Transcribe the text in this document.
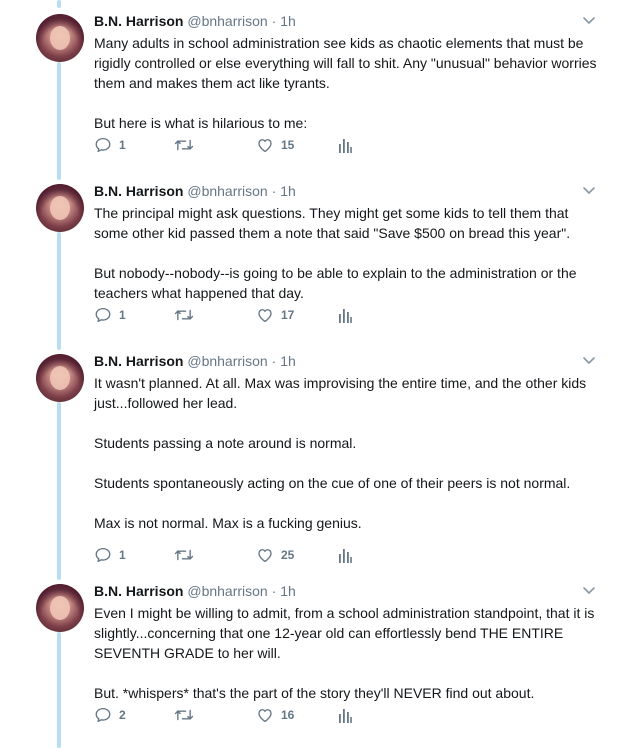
B.N. Harrison @bnharrison · 1h

Many adults in school administration see kids as chaotic elements that must be rigidly controlled or else everything will fall to shit. Any "unusual" behavior worries them and makes them act like tyrants.

But here is what is hilarious to me:

1	15
B.N. Harrison @bnharrison · 1h

The principal might ask questions. They might get some kids to tell them that some other kid passed them a note that said "Save $500 on bread this year".

But nobody--nobody--is going to be able to explain to the administration or the teachers what happened that day.

1	17
B.N. Harrison @bnharrison · 1h

It wasn't planned. At all. Max was improvising the entire time, and the other kids just...followed her lead.

Students passing a note around is normal.

Students spontaneously acting on the cue of one of their peers is not normal.

Max is not normal. Max is a fucking genius.

1	25
B.N. Harrison @bnharrison · 1h

Even I might be willing to admit, from a school administration standpoint, that it is slightly...concerning that one 12-year old can effortlessly bend THE ENTIRE SEVENTH GRADE to her will.

But. *whispers* that's the part of the story they'll NEVER find out about.

2	16
